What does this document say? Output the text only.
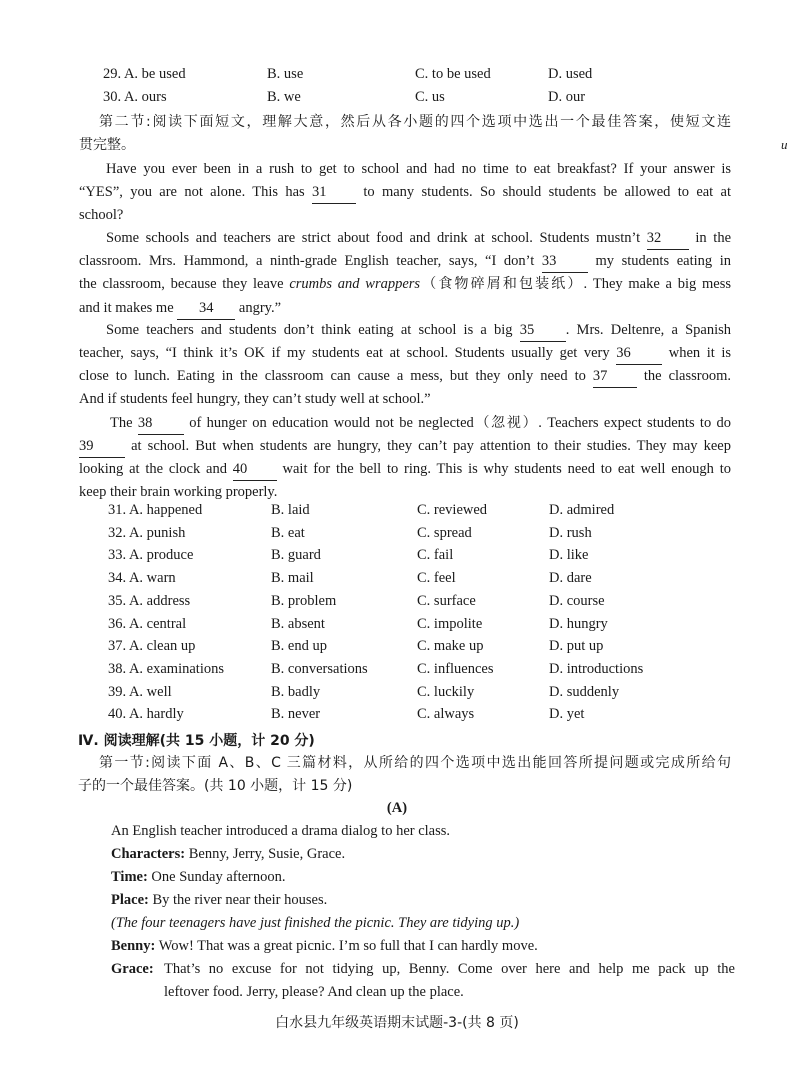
29. A. be used	B. use	C. to be used	D. used
30. A. ours	B. we	C. us	D. our
第二节:阅读下面短文，理解大意，然后从各小题的四个选项中选出一个最佳答案，使短文连
贯完整。	u
Have you ever been in a rush to get to school and had no time to eat breakfast? If your answer is
“YES”, you are not alone. This has 31	to many students. So should students be allowed to eat at
school?
Some schools and teachers are strict about food and drink at school. Students mustn’t 32 in the
classroom. Mrs. Hammond, a ninth-grade English teacher, says, “I don’t 33	my students eating in
the classroom, because they leave crumbs and wrappers（食物碎屑和包装纸）. They make a big mess
and it makes me 34 angry.”
Some teachers and students don’t think eating at school is a big 35 . Mrs. Deltenre, a Spanish
teacher, says, “I think it’s OK if my students eat at school. Students usually get very 36	when it is
close to lunch. Eating in the classroom can cause a mess, but they only need to 37	the classroom.
And if students feel hungry, they can’t study well at school.”
The 38	of hunger on education would not be neglected（忽视）. Teachers expect students to do
39	at school. But when students are hungry, they can’t pay attention to their studies. They may keep
looking at the clock and 40 wait for the bell to ring. This is why students need to eat well enough to
keep their brain working properly.
31. A. happened	B. laid	C. reviewed	D. admired
32. A. punish	B. eat	C. spread	D. rush
33. A. produce	B. guard	C. fail	D. like
34. A. warn	B. mail	C. feel	D. dare
35. A. address	B. problem	C. surface	D. course
36. A. central	B. absent	C. impolite	D. hungry
37. A. clean up	B. end up	C. make up	D. put up
38. A. examinations	B. conversations	C. influences	D. introductions
39. A. well	B. badly	C. luckily	D. suddenly
40. A. hardly	B. never	C. always	D. yet
Ⅳ. 阅读理解(共 15 小题，计 20 分)
第一节:阅读下面 A、B、C 三篇材料，从所给的四个选项中选出能回答所提问题或完成所给句
子的一个最佳答案。(共 10 小题，计 15 分)
(A)
An English teacher introduced a drama dialog to her class.
Characters: Benny, Jerry, Susie, Grace.
Time: One Sunday afternoon.
Place: By the river near their houses.
(The four teenagers have just finished the picnic. They are tidying up.)
Benny: Wow! That was a great picnic. I’m so full that I can hardly move.
Grace: That’s no excuse for not tidying up, Benny. Come over here and help me pack up the
leftover food. Jerry, please? And clean up the place.
白水县九年级英语期末试题-3-(共 8 页)
